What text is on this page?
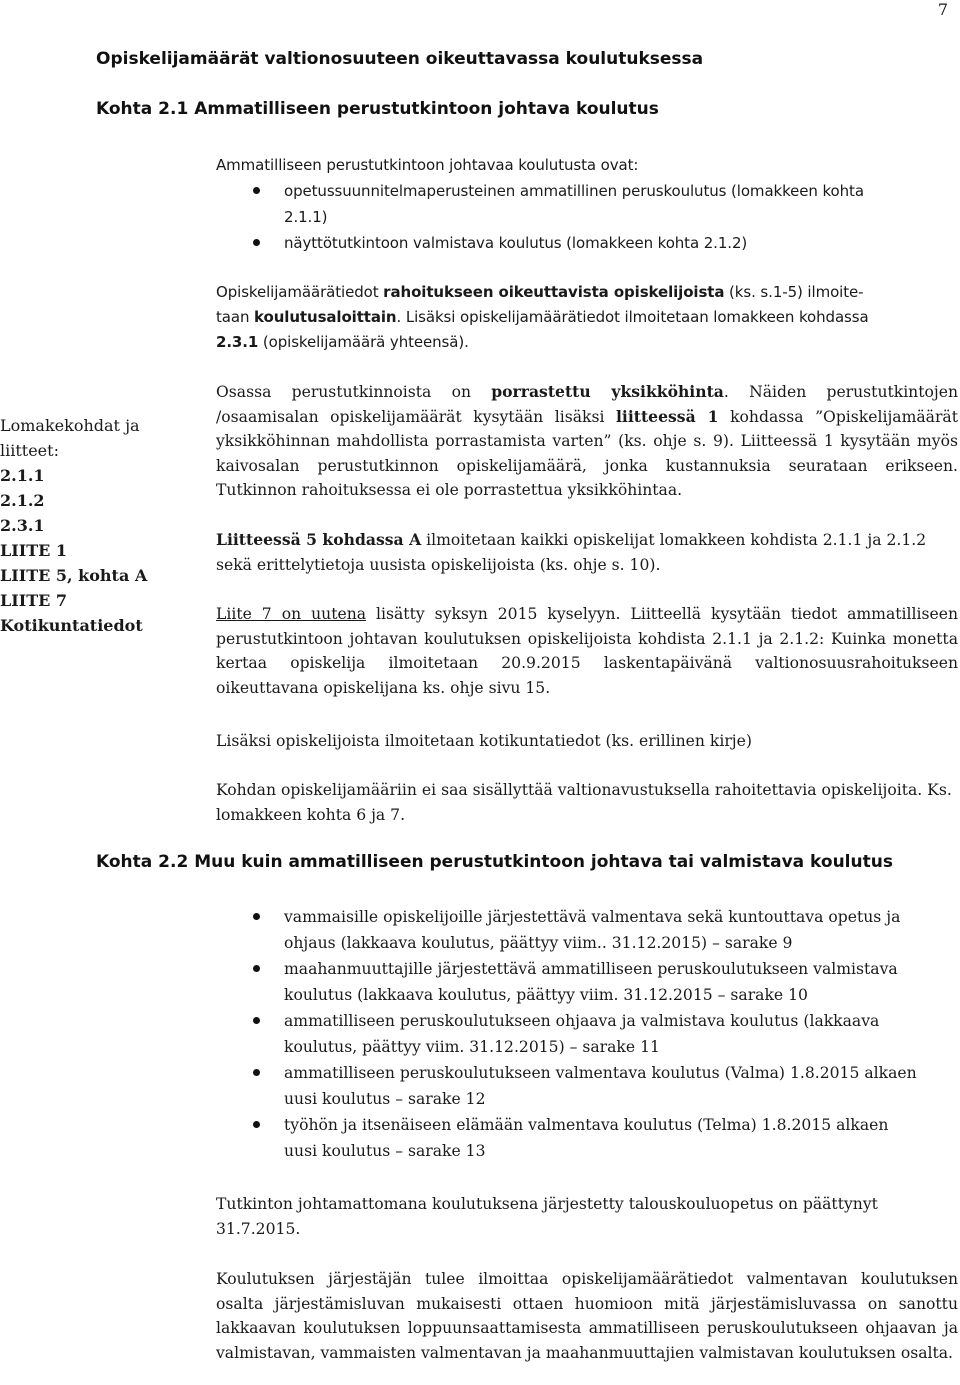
7
Opiskelijamäärät valtionosuuteen oikeuttavassa koulutuksessa
Kohta 2.1 Ammatilliseen perustutkintoon johtava koulutus

Ammatilliseen perustutkintoon johtavaa koulutusta ovat:

opetussuunnitelmaperusteinen ammatillinen peruskoulutus (lomakkeen kohta
2.1.1)
näyttötutkintoon valmistava koulutus (lomakkeen kohta 2.1.2)

Opiskelijamäärätiedot rahoitukseen oikeuttavista opiskelijoista (ks. s.1-5) ilmoite-
taan koulutusaloittain. Lisäksi opiskelijamäärätiedot ilmoitetaan lomakkeen kohdassa
2.3.1 (opiskelijamäärä yhteensä).

Lomakekohdat ja
liitteet:
2.1.1
2.1.2
2.3.1
LIITE 1
LIITE 5, kohta A
LIITE 7
Kotikuntatiedot

Osassa perustutkinnoista on porrastettu yksikköhinta. Näiden perustutkintojen /osaamisalan opiskelijamäärät kysytään lisäksi liitteessä 1 kohdassa ”Opiskelijamäärät yksikköhinnan mahdollista porrastamista varten” (ks. ohje s. 9). Liitteessä 1 kysytään myös kaivosalan perustutkinnon opiskelijamäärä, jonka kustannuksia seurataan erikseen. Tutkinnon rahoituksessa ei ole porrastettua yksikköhintaa.

Liitteessä 5 kohdassa A ilmoitetaan kaikki opiskelijat lomakkeen kohdista 2.1.1 ja 2.1.2 sekä erittelytietoja uusista opiskelijoista (ks. ohje s. 10).

Liite 7 on uutena lisätty syksyn 2015 kyselyyn. Liitteellä kysytään tiedot ammatilliseen perustutkintoon johtavan koulutuksen opiskelijoista kohdista 2.1.1 ja 2.1.2: Kuinka monetta kertaa opiskelija ilmoitetaan 20.9.2015 laskentapäivänä valtionosuusrahoitukseen oikeuttavana opiskelijana ks. ohje sivu 15.

Lisäksi opiskelijoista ilmoitetaan kotikuntatiedot (ks. erillinen kirje)

Kohdan opiskelijamääriin ei saa sisällyttää valtionavustuksella rahoitettavia opiskelijoita. Ks. lomakkeen kohta 6 ja 7.

Kohta 2.2 Muu kuin ammatilliseen perustutkintoon johtava tai valmistava koulutus
vammaisille opiskelijoille järjestettävä valmentava sekä kuntouttava opetus ja
ohjaus (lakkaava koulutus, päättyy viim.. 31.12.2015) – sarake 9
maahanmuuttajille järjestettävä ammatilliseen peruskoulutukseen valmistava
koulutus (lakkaava koulutus, päättyy viim. 31.12.2015 – sarake 10
ammatilliseen peruskoulutukseen ohjaava ja valmistava koulutus (lakkaava
koulutus, päättyy viim. 31.12.2015) – sarake 11
ammatilliseen peruskoulutukseen valmentava koulutus (Valma) 1.8.2015 alkaen
uusi koulutus – sarake 12
työhön ja itsenäiseen elämään valmentava koulutus (Telma) 1.8.2015 alkaen
uusi koulutus – sarake 13

Tutkinton johtamattomana koulutuksena järjestetty talouskouluopetus on päättynyt 31.7.2015.

Koulutuksen järjestäjän tulee ilmoittaa opiskelijamäärätiedot valmentavan koulutuksen osalta järjestämisluvan mukaisesti ottaen huomioon mitä järjestämisluvassa on sanottu lakkaavan koulutuksen loppuunsaattamisesta ammatilliseen peruskoulutukseen ohjaavan ja valmistavan, vammaisten valmentavan ja maahanmuuttajien valmistavan koulutuksen osalta.
